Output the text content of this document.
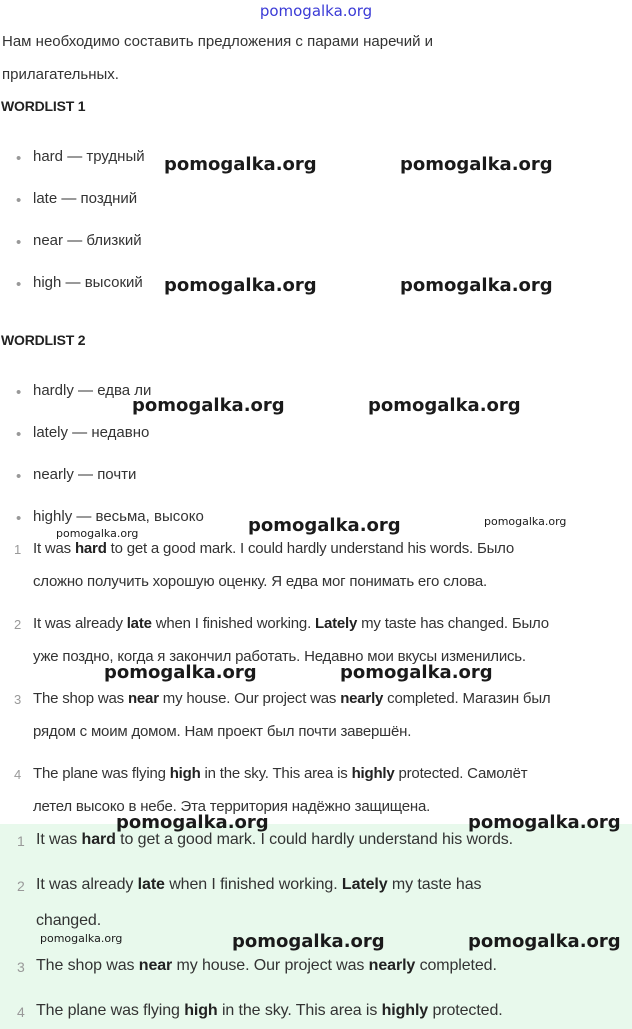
pomogalka.org
Нам необходимо составить предложения с парами наречий и
прилагательных.
WORDLIST 1
• hard — трудный
• late — поздний
• near — близкий
• high — высокий
WORDLIST 2
• hardly — едва ли
• lately — недавно
• nearly — почти
• highly — весьма, высоко
1 It was hard to get a good mark. I could hardly understand his words. Было
сложно получить хорошую оценку. Я едва мог понимать его слова.
2 It was already late when I finished working. Lately my taste has changed. Было
уже поздно, когда я закончил работать. Недавно мои вкусы изменились.
3 The shop was near my house. Our project was nearly completed. Магазин был
рядом с моим домом. Нам проект был почти завершён.
4 The plane was flying high in the sky. This area is highly protected. Самолёт
летел высоко в небе. Эта территория надёжно защищена.
1 It was hard to get a good mark. I could hardly understand his words.
2 It was already late when I finished working. Lately my taste has
changed.
3 The shop was near my house. Our project was nearly completed.
4 The plane was flying high in the sky. This area is highly protected.
pomogalka.org	pomogalka.org
pomogalka.org	pomogalka.org
pomogalka.org	pomogalka.org
pomogalka.org	pomogalka.org
pomogalka.org
pomogalka.org	pomogalka.org
pomogalka.org	pomogalka.org
pomogalka.org	pomogalka.org	pomogalka.org
